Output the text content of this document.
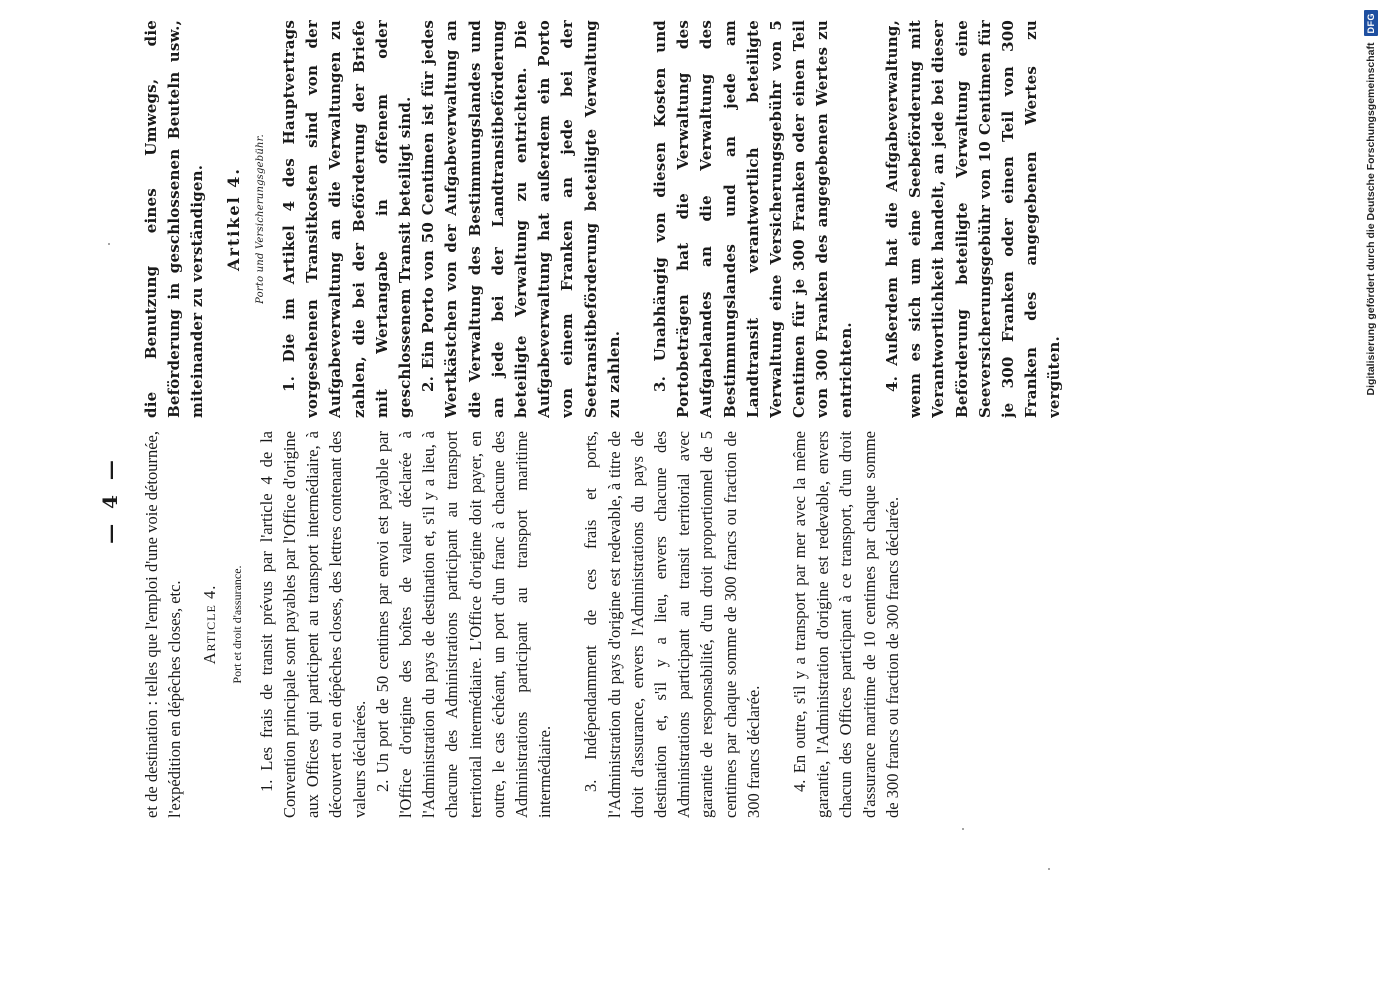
— 4 — et de destination : telles que l'emploi d'une voie détournée, l'expédition en dépêches closes, etc. Article 4. Port et droit d'assurance. 1. Les frais de transit prévus par l'article 4 de la Convention principale sont payables par l'Office d'origine aux Offices qui participent au transport intermédiaire, à découvert ou en dépêches closes, des lettres contenant des valeurs déclarées. 2. Un port de 50 centimes par envoi est payable par l'Office d'origine des boîtes de valeur déclarée à l'Administration du pays de destination et, s'il y a lieu, à chacune des Administrations participant au transport territorial intermédiaire. L'Office d'origine doit payer, en outre, le cas échéant, un port d'un franc à chacune des Administrations participant au transport maritime intermédiaire. 3. Indépendamment de ces frais et ports, l'Administration du pays d'origine est redevable, à titre de droit d'assurance, envers l'Administrations du pays de destination et, s'il y a lieu, envers chacune des Administrations participant au transit territorial avec garantie de responsabilité, d'un droit proportionnel de 5 centimes par chaque somme de 300 francs ou fraction de 300 francs déclarée. 4. En outre, s'il y a transport par mer avec la même garantie, l'Administration d'origine est redevable, envers chacun des Offices participant à ce transport, d'un droit d'assurance maritime de 10 centimes par chaque somme de 300 francs ou fraction de 300 francs déclarée.

die Benutzung eines Umwegs, die Beförderung in geschlossenen Beuteln usw., miteinander zu verständigen. Artikel 4.	Porto und Versicherungsgebühr. 1. Die im Artikel 4 des Hauptvertrags vorgesehenen Transitkosten sind von der Aufgabeverwaltung an die Verwaltungen zu zahlen, die bei der Beförderung der Briefe mit Wertangabe in offenem oder geschlossenem Transit beteiligt sind. 2. Ein Porto von 50 Centimen ist für jedes Wertkästchen von der Aufgabeverwaltung an die Verwaltung des Bestimmungslandes und an jede bei der Landtransitbeförderung beteiligte Verwaltung zu entrichten. Die Aufgabeverwaltung hat außerdem ein Porto von einem Franken an jede bei der Seetransitbeförderung beteiligte Verwaltung zu zahlen. 3. Unabhängig von diesen Kosten und Portobeträgen hat die Verwaltung des Aufgabelandes an die Verwaltung des Bestimmungslandes und an jede am Landtransit verantwortlich beteiligte Verwaltung eine Versicherungsgebühr von 5 Centimen für je 300 Franken oder einen Teil von 300 Franken des angegebenen Wertes zu entrichten. 4. Außerdem hat die Aufgabeverwaltung, wenn es sich um eine Seebeförderung mit Verantwortlichkeit handelt, an jede bei dieser Beförderung beteiligte Verwaltung eine Seeversicherungsgebühr von 10 Centimen für je 300 Franken oder einen Teil von 300 Franken des angegebenen Wertes zu vergüten.	Digitalisierung gefördert durch die Deutsche Forschungsgemeinschaft
DFG
